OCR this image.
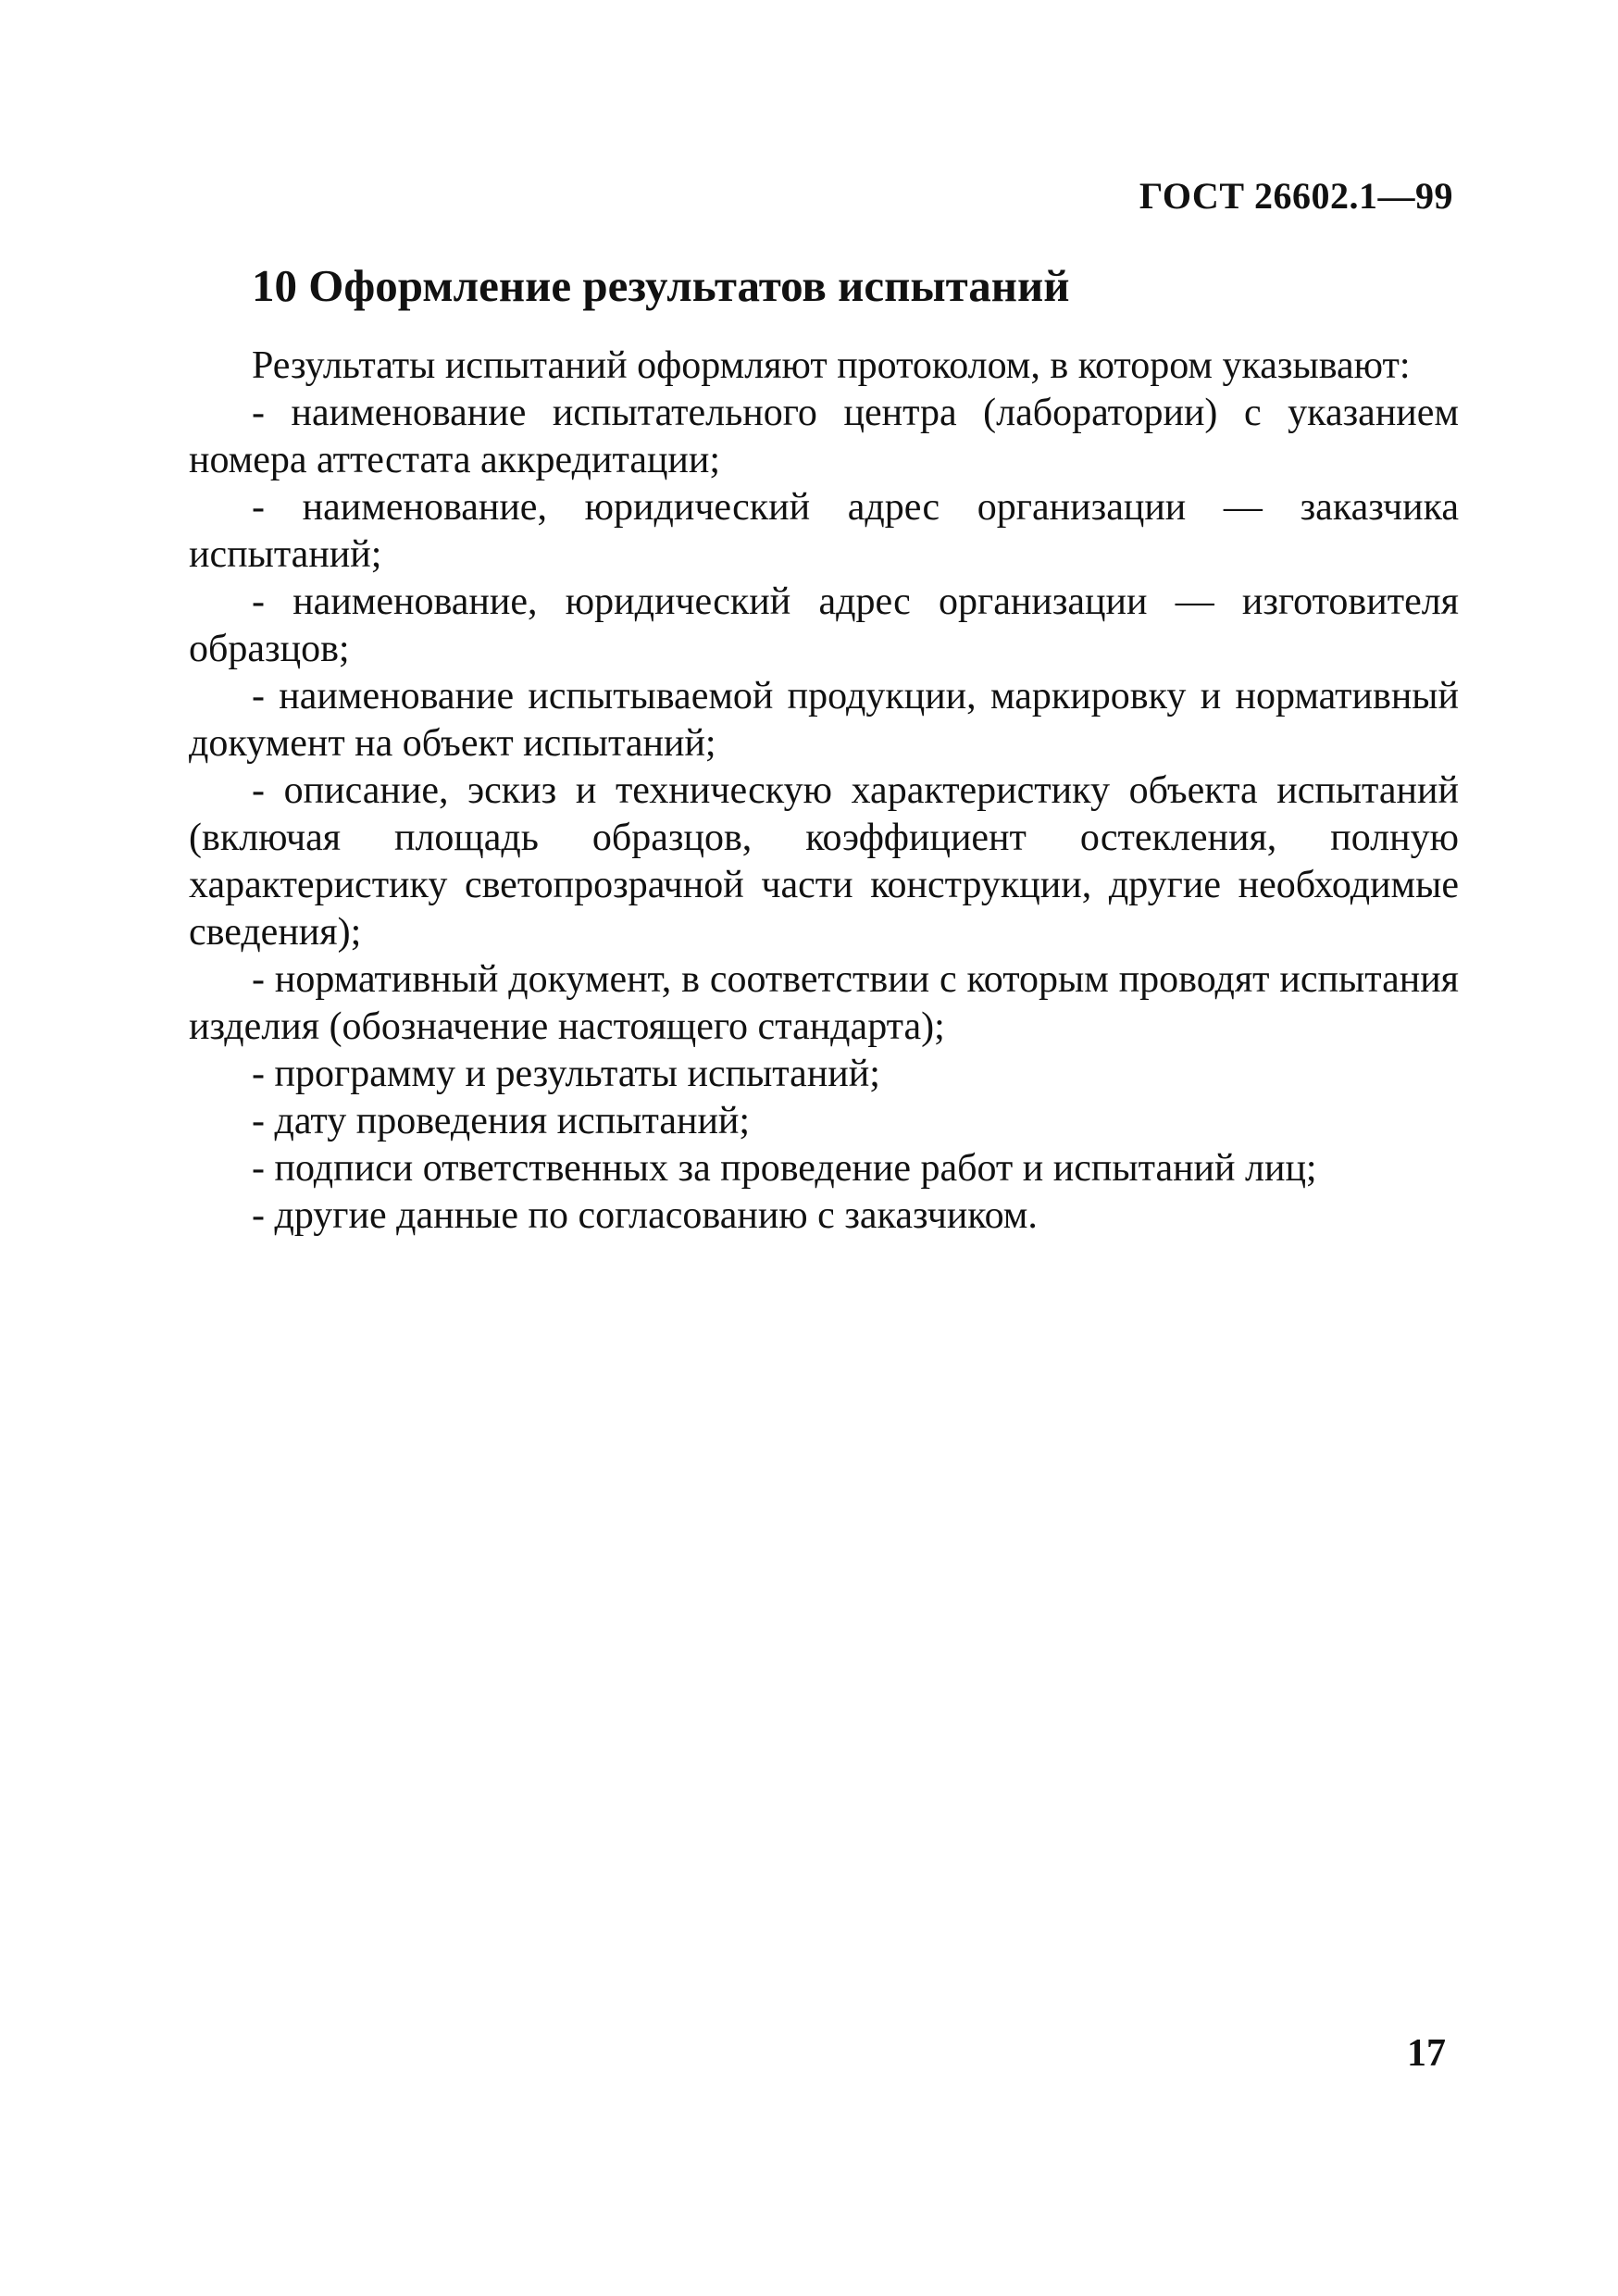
ГОСТ 26602.1—99
10 Оформление результатов испытаний

Результаты испытаний оформляют протоколом, в котором указывают:

- наименование испытательного центра (лаборатории) с указанием номера аттестата аккредитации;

- наименование, юридический адрес организации — заказчика испытаний;

- наименование, юридический адрес организации — изготовителя образцов;

- наименование испытываемой продукции, маркировку и нормативный документ на объект испытаний;

- описание, эскиз и техническую характеристику объекта испытаний (включая площадь образцов, коэффициент остекления, полную характеристику светопрозрачной части конструкции, другие необходимые сведения);

- нормативный документ, в соответствии с которым проводят испытания изделия (обозначение настоящего стандарта);

- программу и результаты испытаний;

- дату проведения испытаний;

- подписи ответственных за проведение работ и испытаний лиц;

- другие данные по согласованию с заказчиком.

17
